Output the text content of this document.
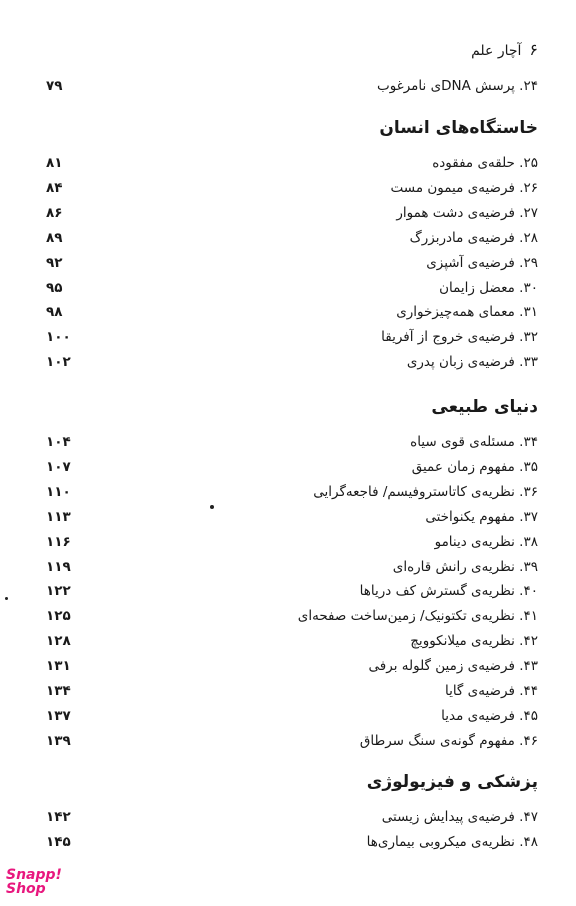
۶
آچار علم
۲۴. پرسش DNAی نامرغوب
۷۹
خاستگاه‌های انسان
۲۵. حلقه‌ی مفقوده
۸۱
۲۶. فرضیه‌ی میمون مست
۸۴
۲۷. فرضیه‌ی دشت هموار
۸۶
۲۸. فرضیه‌ی مادربزرگ
۸۹
۲۹. فرضیه‌ی آشپزی
۹۲
۳۰. معضل زایمان
۹۵
۳۱. معمای همه‌چیزخواری
۹۸
۳۲. فرضیه‌ی خروج از آفریقا
۱۰۰
۳۳. فرضیه‌ی زبان پدری
۱۰۲
دنیای طبیعی
۳۴. مسئله‌ی قوی سیاه
۱۰۴
۳۵. مفهوم زمان عمیق
۱۰۷
۳۶. نظریه‌ی کاتاستروفیسم/ فاجعه‌گرایی
۱۱۰
۳۷. مفهوم یکنواختی
۱۱۳
۳۸. نظریه‌ی دینامو
۱۱۶
۳۹. نظریه‌ی رانش قاره‌ای
۱۱۹
۴۰. نظریه‌ی گسترش کف دریاها
۱۲۲
۴۱. نظریه‌ی تکتونیک/ زمین‌ساخت صفحه‌ای
۱۲۵
۴۲. نظریه‌ی میلانکوویچ
۱۲۸
۴۳. فرضیه‌ی زمین گلوله برفی
۱۳۱
۴۴. فرضیه‌ی گایا
۱۳۴
۴۵. فرضیه‌ی مدیا
۱۳۷
۴۶. مفهوم گونه‌ی سنگ سرطاق
۱۳۹
پزشکی و فیزیولوژی
۴۷. فرضیه‌ی پیدایش زیستی
۱۴۲
۴۸. نظریه‌ی میکروبی بیماری‌ها
۱۴۵
Snapp!
Shop
